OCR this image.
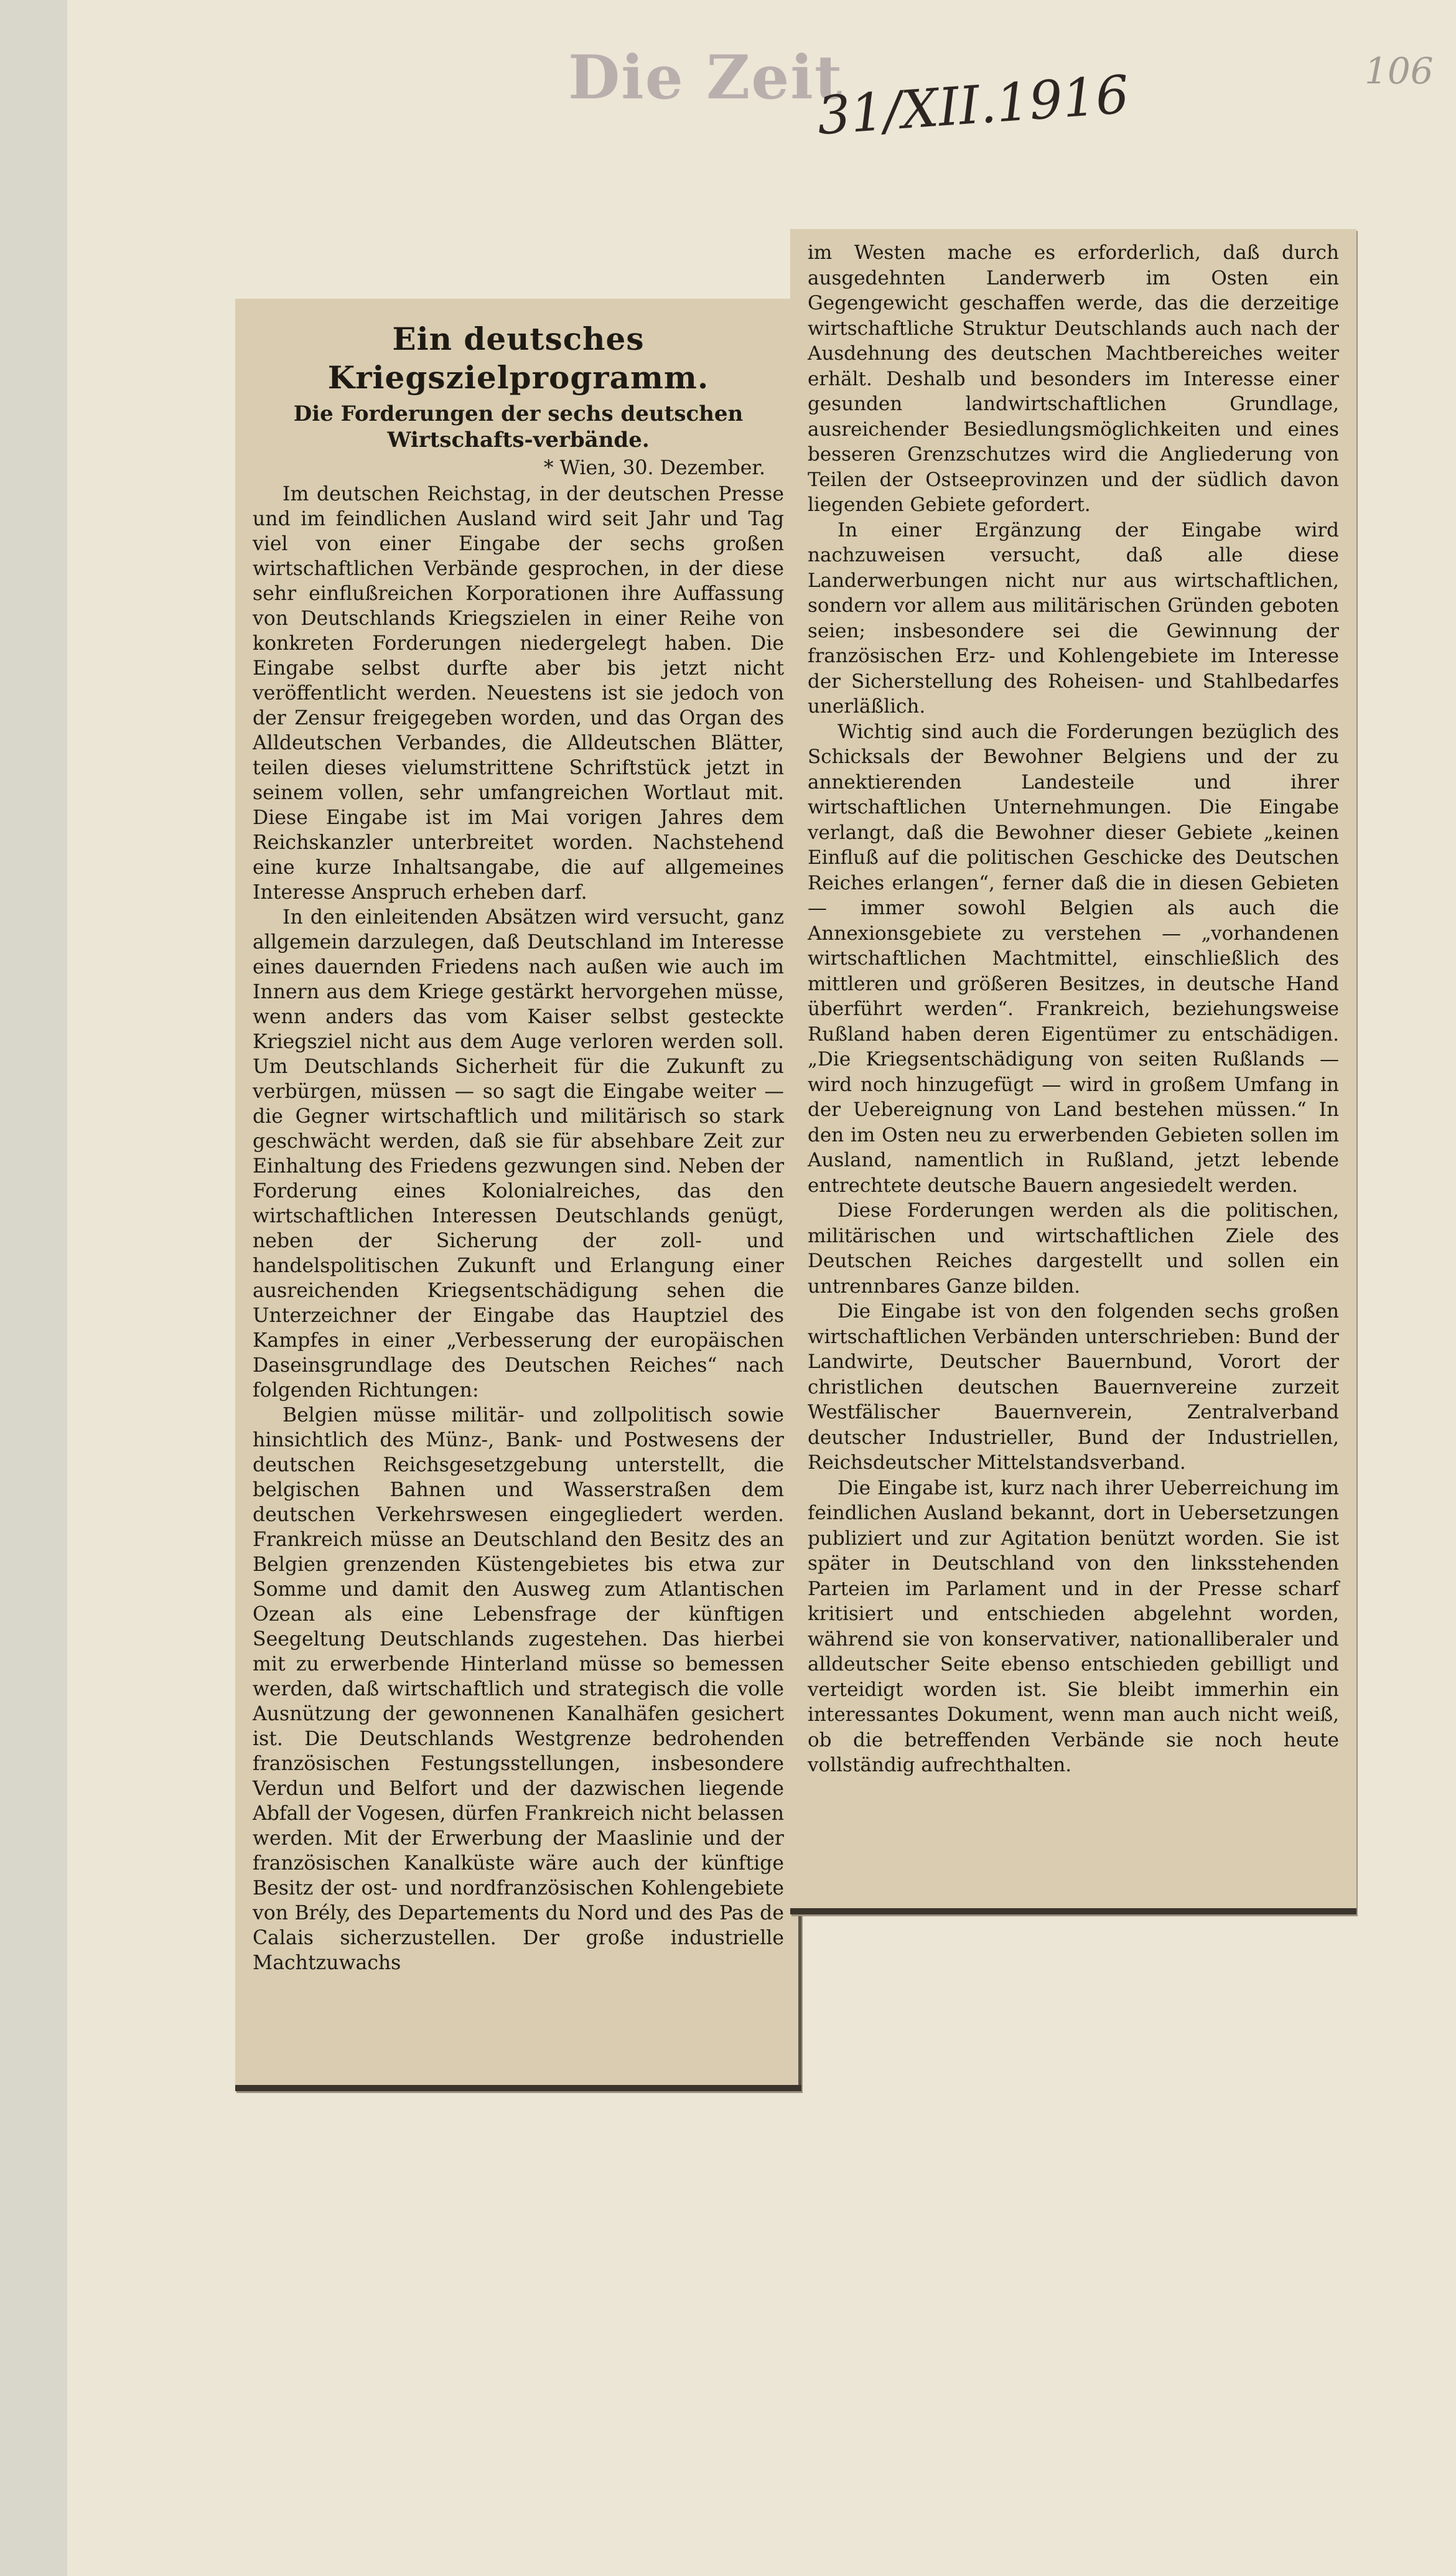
Die Zeit
31/XII.1916	106
Ein deutsches Kriegszielprogramm.
Die Forderungen der sechs deutschen Wirtschafts-verbände.
* Wien, 30. Dezember.

Im deutschen Reichstag, in der deutschen Presse und im feindlichen Ausland wird seit Jahr und Tag viel von einer Eingabe der sechs großen wirtschaftlichen Verbände gesprochen, in der diese sehr einflußreichen Korporationen ihre Auffassung von Deutschlands Kriegszielen in einer Reihe von konkreten Forderungen niedergelegt haben. Die Eingabe selbst durfte aber bis jetzt nicht veröffentlicht werden. Neuestens ist sie jedoch von der Zensur freigegeben worden, und das Organ des Alldeutschen Verbandes, die Alldeutschen Blätter, teilen dieses vielumstrittene Schriftstück jetzt in seinem vollen, sehr umfangreichen Wortlaut mit. Diese Eingabe ist im Mai vorigen Jahres dem Reichskanzler unterbreitet worden. Nachstehend eine kurze Inhaltsangabe, die auf allgemeines Interesse Anspruch erheben darf.

In den einleitenden Absätzen wird versucht, ganz allgemein darzulegen, daß Deutschland im Interesse eines dauernden Friedens nach außen wie auch im Innern aus dem Kriege gestärkt hervorgehen müsse, wenn anders das vom Kaiser selbst gesteckte Kriegsziel nicht aus dem Auge verloren werden soll. Um Deutschlands Sicherheit für die Zukunft zu verbürgen, müssen — so sagt die Eingabe weiter — die Gegner wirtschaftlich und militärisch so stark geschwächt werden, daß sie für absehbare Zeit zur Einhaltung des Friedens gezwungen sind. Neben der Forderung eines Kolonialreiches, das den wirtschaftlichen Interessen Deutschlands genügt, neben der Sicherung der zoll- und handelspolitischen Zukunft und Erlangung einer ausreichenden Kriegsentschädigung sehen die Unterzeichner der Eingabe das Hauptziel des Kampfes in einer „Verbesserung der europäischen Daseinsgrundlage des Deutschen Reiches“ nach folgenden Richtungen:

Belgien müsse militär- und zollpolitisch sowie hinsichtlich des Münz-, Bank- und Postwesens der deutschen Reichsgesetzgebung unterstellt, die belgischen Bahnen und Wasserstraßen dem deutschen Verkehrswesen eingegliedert werden. Frankreich müsse an Deutschland den Besitz des an Belgien grenzenden Küstengebietes bis etwa zur Somme und damit den Ausweg zum Atlantischen Ozean als eine Lebensfrage der künftigen Seegeltung Deutschlands zugestehen. Das hierbei mit zu erwerbende Hinterland müsse so bemessen werden, daß wirtschaftlich und strategisch die volle Ausnützung der gewonnenen Kanalhäfen gesichert ist. Die Deutschlands Westgrenze bedrohenden französischen Festungsstellungen, insbesondere Verdun und Belfort und der dazwischen liegende Abfall der Vogesen, dürfen Frankreich nicht belassen werden. Mit der Erwerbung der Maaslinie und der französischen Kanalküste wäre auch der künftige Besitz der ost- und nordfranzösischen Kohlengebiete von Brély, des Departements du Nord und des Pas de Calais sicherzustellen. Der große industrielle Machtzuwachs

im Westen mache es erforderlich, daß durch ausgedehnten Landerwerb im Osten ein Gegengewicht geschaffen werde, das die derzeitige wirtschaftliche Struktur Deutschlands auch nach der Ausdehnung des deutschen Machtbereiches weiter erhält. Deshalb und besonders im Interesse einer gesunden landwirtschaftlichen Grundlage, ausreichender Besiedlungsmöglichkeiten und eines besseren Grenzschutzes wird die Angliederung von Teilen der Ostseeprovinzen und der südlich davon liegenden Gebiete gefordert.

In einer Ergänzung der Eingabe wird nachzuweisen versucht, daß alle diese Landerwerbungen nicht nur aus wirtschaftlichen, sondern vor allem aus militärischen Gründen geboten seien; insbesondere sei die Gewinnung der französischen Erz- und Kohlengebiete im Interesse der Sicherstellung des Roheisen- und Stahlbedarfes unerläßlich.

Wichtig sind auch die Forderungen bezüglich des Schicksals der Bewohner Belgiens und der zu annektierenden Landesteile und ihrer wirtschaftlichen Unternehmungen. Die Eingabe verlangt, daß die Bewohner dieser Gebiete „keinen Einfluß auf die politischen Geschicke des Deutschen Reiches erlangen“, ferner daß die in diesen Gebieten — immer sowohl Belgien als auch die Annexionsgebiete zu verstehen — „vorhandenen wirtschaftlichen Machtmittel, einschließlich des mittleren und größeren Besitzes, in deutsche Hand überführt werden“. Frankreich, beziehungsweise Rußland haben deren Eigentümer zu entschädigen. „Die Kriegsentschädigung von seiten Rußlands — wird noch hinzugefügt — wird in großem Umfang in der Uebereignung von Land bestehen müssen.“ In den im Osten neu zu erwerbenden Gebieten sollen im Ausland, namentlich in Rußland, jetzt lebende entrechtete deutsche Bauern angesiedelt werden.

Diese Forderungen werden als die politischen, militärischen und wirtschaftlichen Ziele des Deutschen Reiches dargestellt und sollen ein untrennbares Ganze bilden.

Die Eingabe ist von den folgenden sechs großen wirtschaftlichen Verbänden unterschrieben: Bund der Landwirte, Deutscher Bauernbund, Vorort der christlichen deutschen Bauernvereine zurzeit Westfälischer Bauernverein, Zentralverband deutscher Industrieller, Bund der Industriellen, Reichsdeutscher Mittelstandsverband.

Die Eingabe ist, kurz nach ihrer Ueberreichung im feindlichen Ausland bekannt, dort in Uebersetzungen publiziert und zur Agitation benützt worden. Sie ist später in Deutschland von den linksstehenden Parteien im Parlament und in der Presse scharf kritisiert und entschieden abgelehnt worden, während sie von konservativer, nationalliberaler und alldeutscher Seite ebenso entschieden gebilligt und verteidigt worden ist. Sie bleibt immerhin ein interessantes Dokument, wenn man auch nicht weiß, ob die betreffenden Verbände sie noch heute vollständig aufrechthalten.
